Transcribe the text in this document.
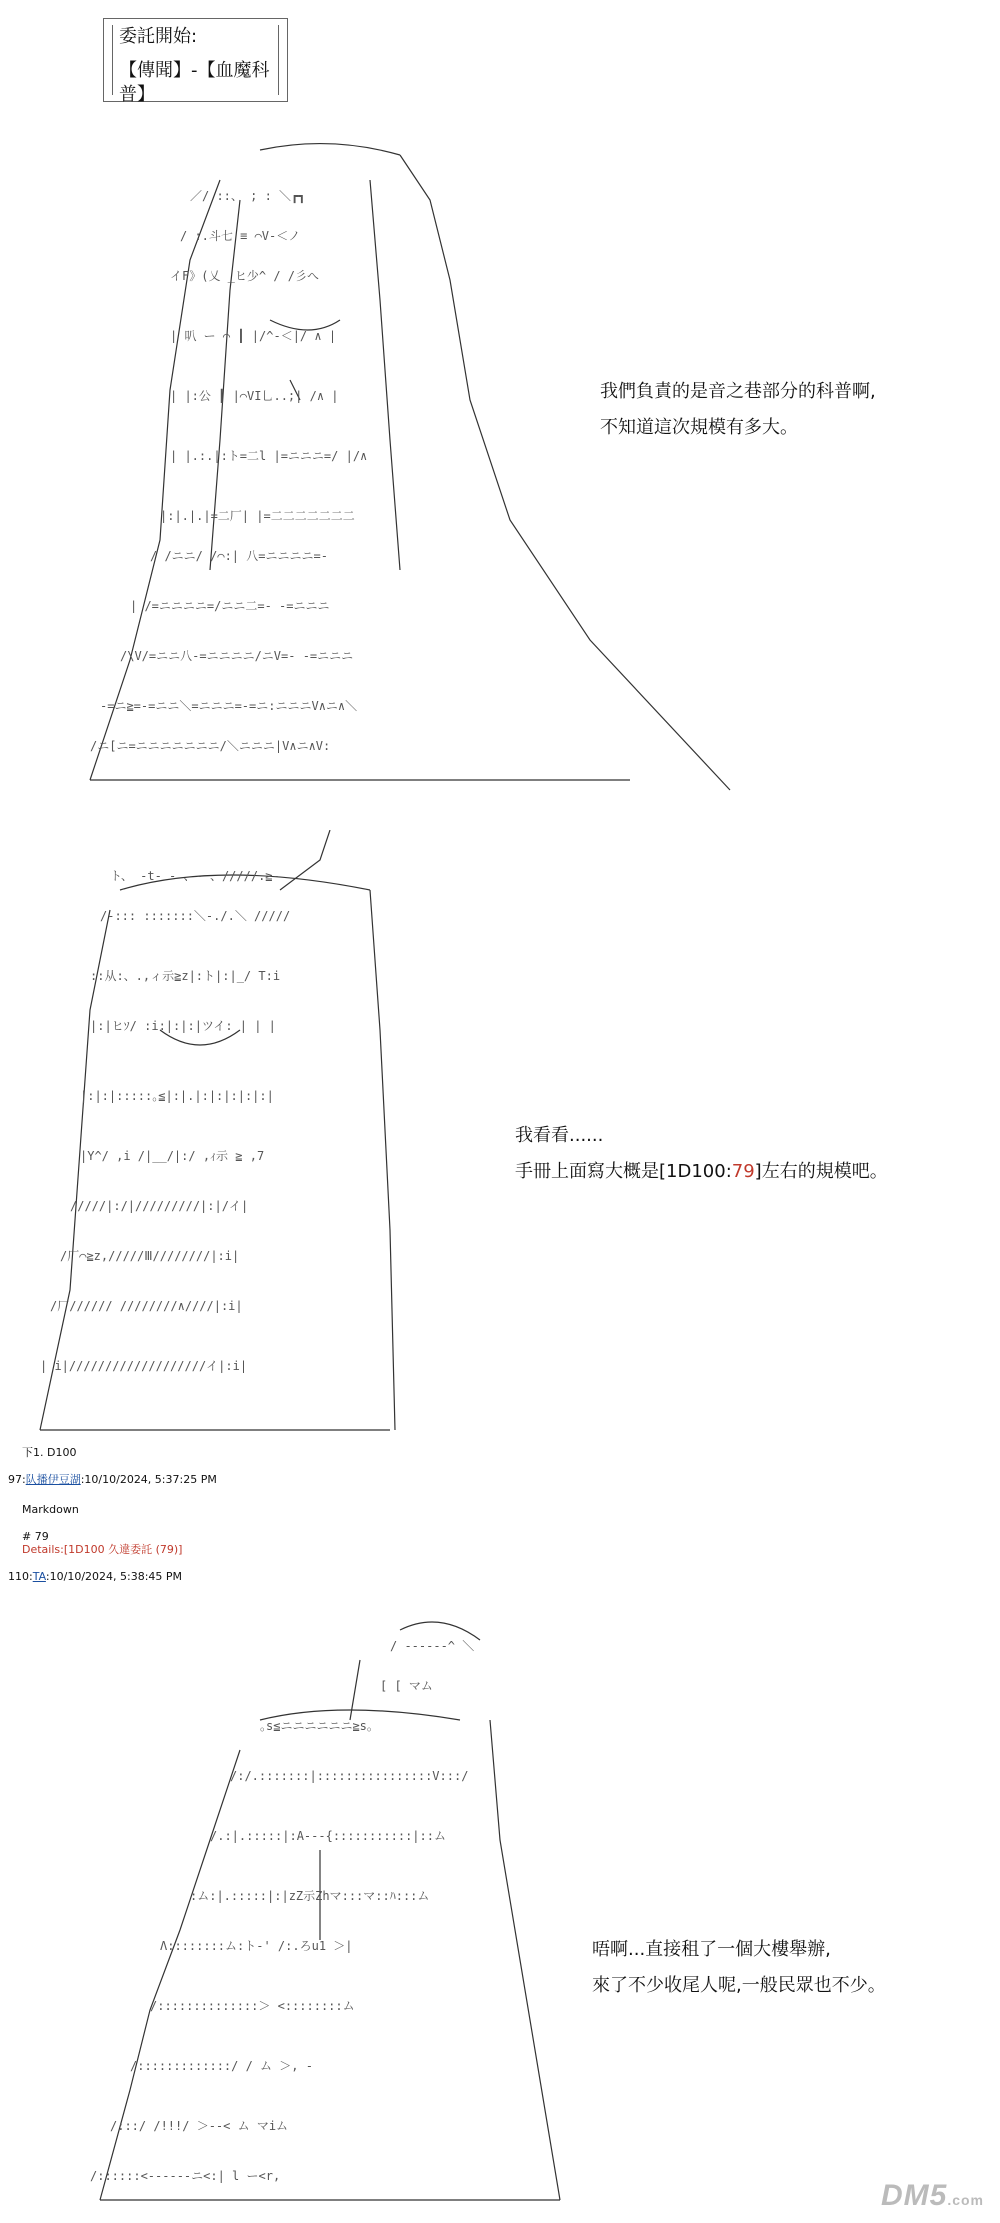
委託開始:
【傳聞】-【血魔科普】
／/ ::、 ; : ＼┏┓
/ :.斗七 ≡ ⌒V-＜ノ
イF》(乂 _ヒ少^ / /彡へ
| 叭 ー ⌒ ┃ |/^-＜|/ ∧ |
| |:公 ┃ |⌒VI乚..;| /∧ |
| |.:.|:ト=二l |=ニニニ=/ |/∧
|:|.|.|=二厂| |=二二二二二二二
/ /ニニ/ /⌒:| 八=ニニニニ=-
| /=ニニニニ=/ニニ二=- -=ニニニ
/\V/=ニニ八-=ニニニニ/ニV=- -=ニニニ
-=ニ≧=-=ニニ＼=ニニニ=-=ニ:ニニニV∧ニ∧＼
/ニ[ニ=ニニニニニニニ/＼ニニニ|V∧ニ∧V:
我們負責的是音之巷部分的科普啊,
不知道這次規模有多大。
ト、 -t- - 、- 、/////.≧-
/-::: :::::::＼-./.＼ /////
::从:、.,ィ示≧z|:ト|:|_/ T:i
|:|ヒｿ/ :i:|:|:|ツイ: | | |
|:|:|:::::｡≦|:|.|:|:|:|:|:|
|Y^/ ,i /|__/|:/ ,ｨ示 ≧ ,7
/////|:/|/////////|:|/イ|
/厂⌒≧z,/////Ⅲ////////|:i|
/厂////// ////////∧////|:i|
| i|///////////////////イ|:i|
我看看......
手冊上面寫大概是[1D100:79]左右的規模吧。
下1. D100
97:队播伊豆湖:10/10/2024, 5:37:25 PM
Markdown
# 79
Details:[1D100 久違委託 (79)]
110:TA:10/10/2024, 5:38:45 PM
/ ------^ ＼
[ [ マム
｡s≦ニニニニニニ≧s｡
/:/.:::::::|::::::::::::::::V:::/
/.:|.:::::|:A---{:::::::::::|::ム
:ム:|.:::::|:|zZ示Zhマ:::マ::ﾊ:::ム
Λ::::::::ム:ト-' /:.ろu1 ＞|
/::::::::::::::＞ <::::::::ム
/:::::::::::::/ / ム ＞, -
/:::/ /!!!/ ＞--< ム マiム
/::::::<------ニ<:| l ー<r,
唔啊...直接租了一個大樓舉辦,
來了不少收尾人呢,一般民眾也不少。
DM5.com
